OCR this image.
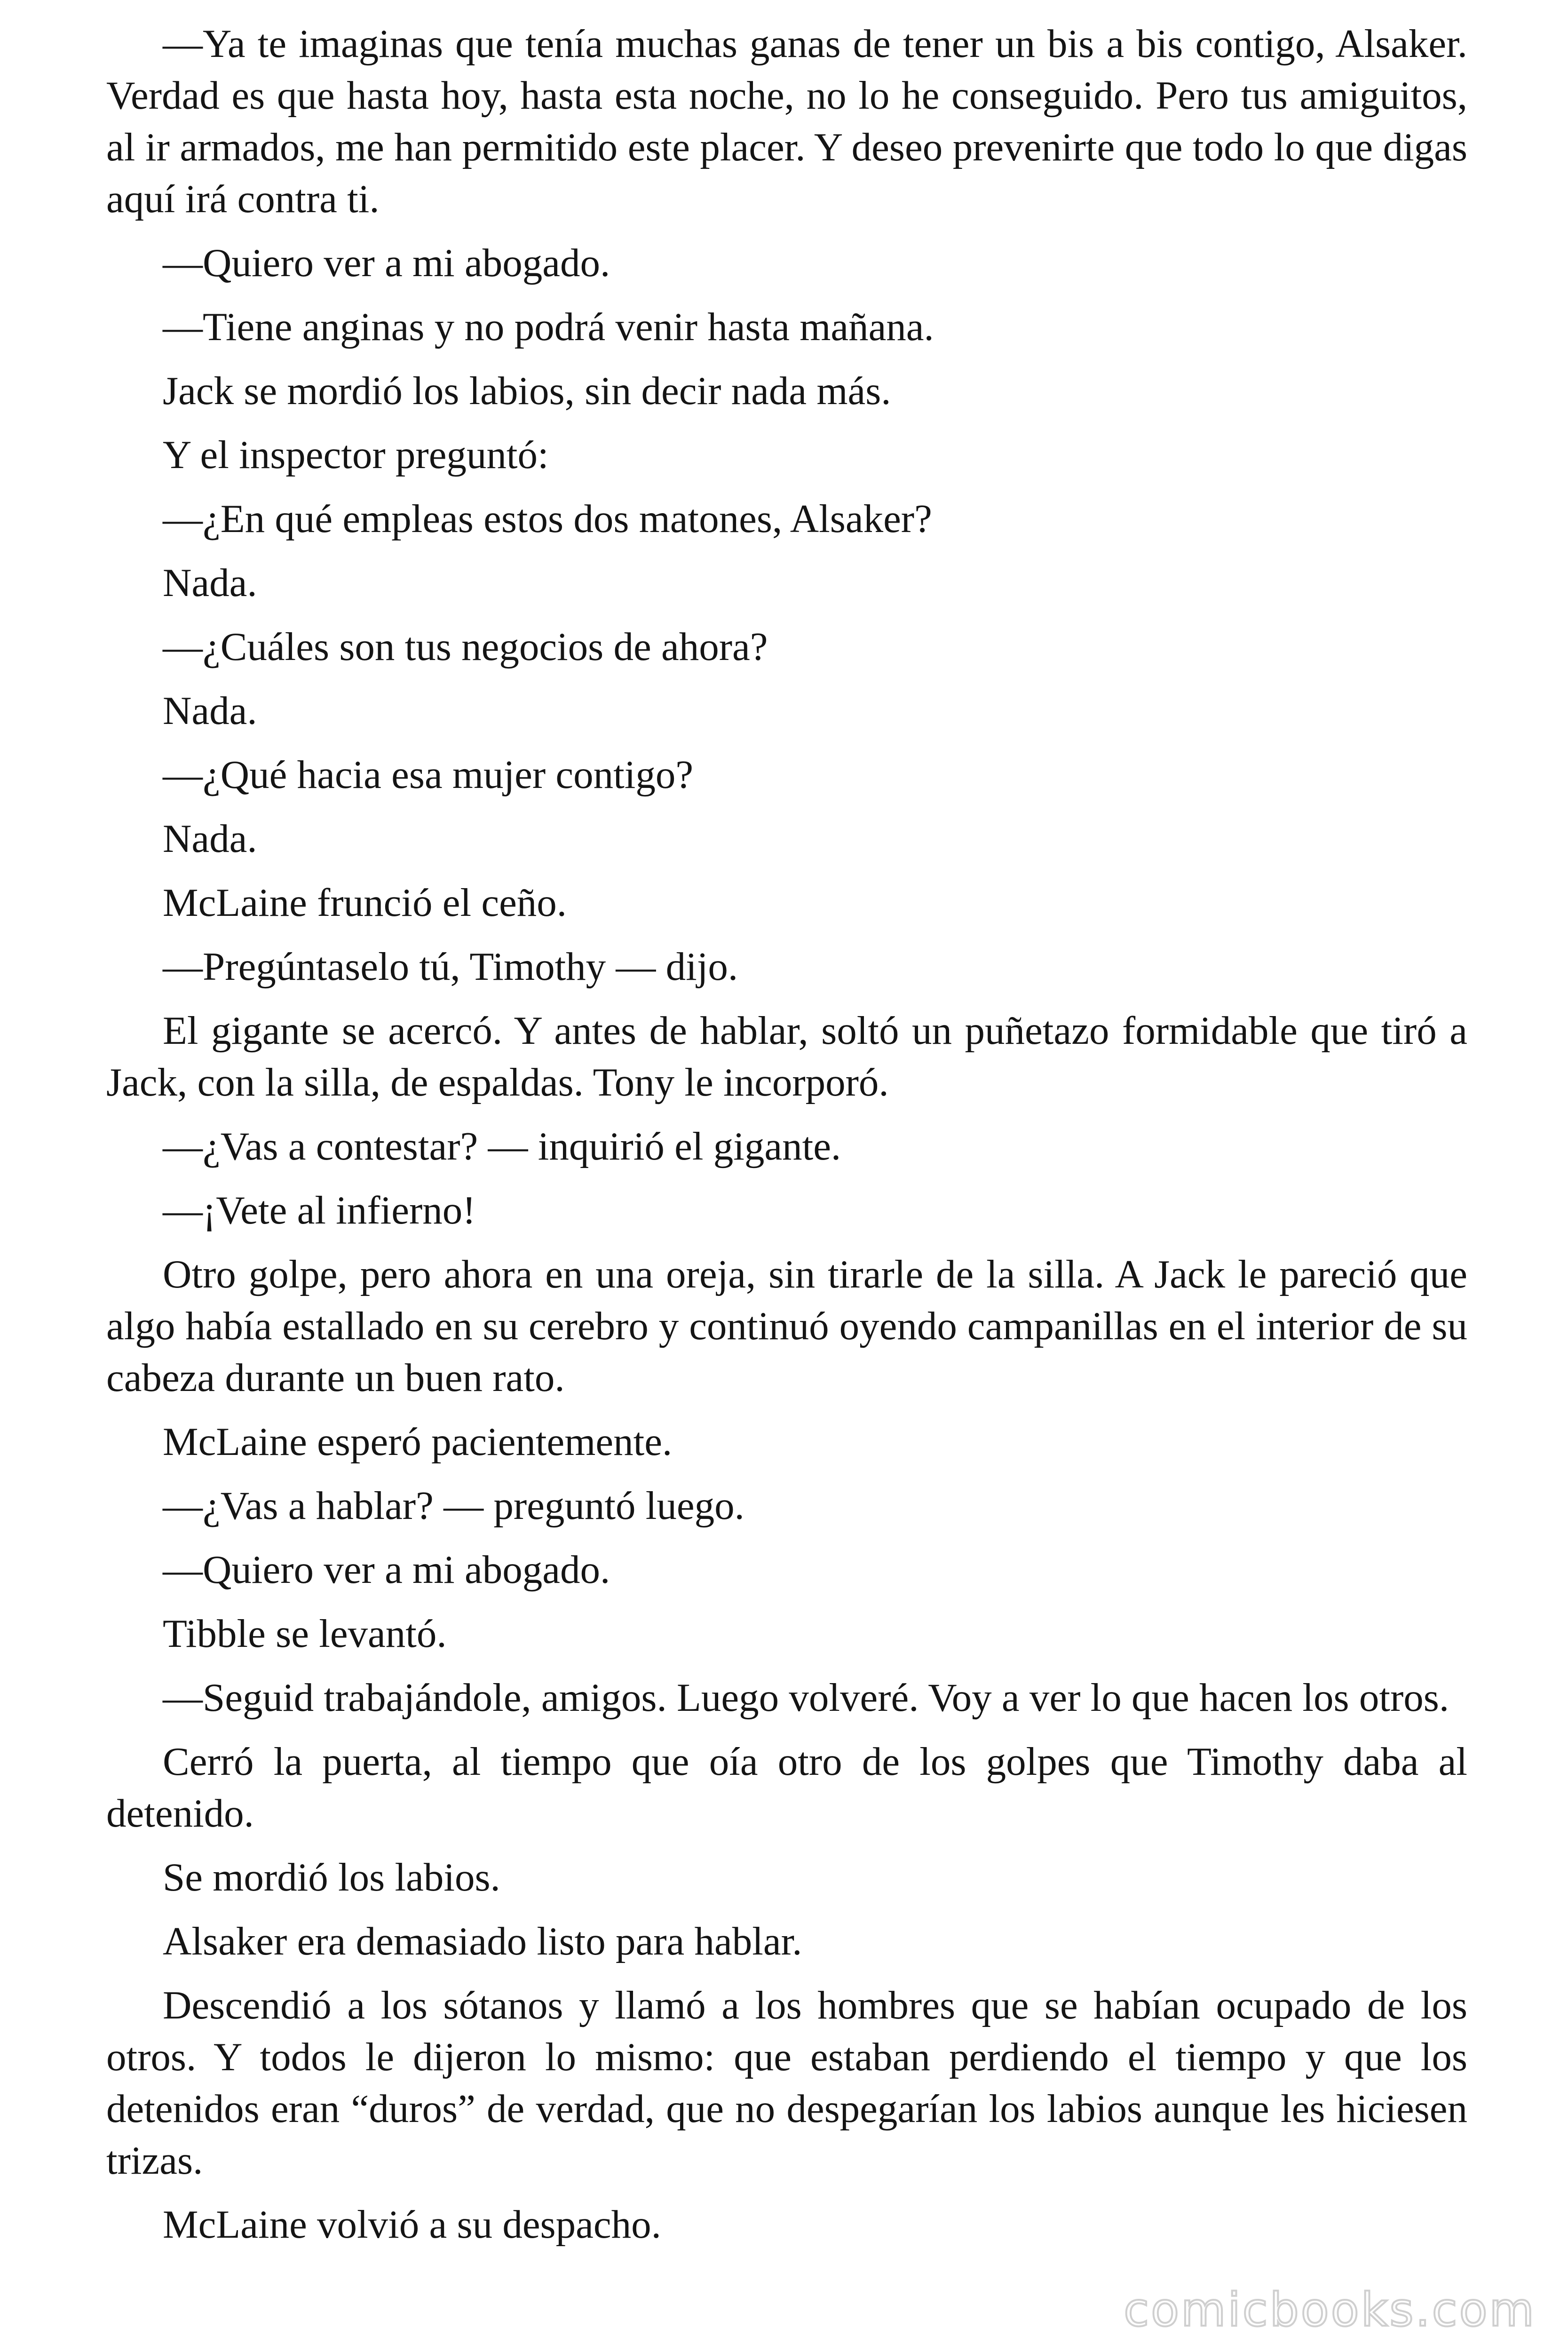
—Ya te imaginas que tenía muchas ganas de tener un bis a bis contigo, Alsaker. Verdad es que hasta hoy, hasta esta noche, no lo he conseguido. Pero tus amiguitos, al ir armados, me han permitido este placer. Y deseo prevenirte que todo lo que digas aquí irá contra ti.

—Quiero ver a mi abogado.

—Tiene anginas y no podrá venir hasta mañana.

Jack se mordió los labios, sin decir nada más.

Y el inspector preguntó:

—¿En qué empleas estos dos matones, Alsaker?

Nada.

—¿Cuáles son tus negocios de ahora?

Nada.

—¿Qué hacia esa mujer contigo?

Nada.

McLaine frunció el ceño.

—Pregúntaselo tú, Timothy — dijo.

El gigante se acercó. Y antes de hablar, soltó un puñetazo formidable que tiró a Jack, con la silla, de espaldas. Tony le incorporó.

—¿Vas a contestar? — inquirió el gigante.

—¡Vete al infierno!

Otro golpe, pero ahora en una oreja, sin tirarle de la silla. A Jack le pareció que algo había estallado en su cerebro y continuó oyendo campanillas en el interior de su cabeza durante un buen rato.

McLaine esperó pacientemente.

—¿Vas a hablar? — preguntó luego.

—Quiero ver a mi abogado.

Tibble se levantó.

—Seguid trabajándole, amigos. Luego volveré. Voy a ver lo que hacen los otros.

Cerró la puerta, al tiempo que oía otro de los golpes que Timothy daba al detenido.

Se mordió los labios.

Alsaker era demasiado listo para hablar.

Descendió a los sótanos y llamó a los hombres que se habían ocupado de los otros. Y todos le dijeron lo mismo: que estaban perdiendo el tiempo y que los detenidos eran “duros” de verdad, que no despegarían los labios aunque les hiciesen trizas.

McLaine volvió a su despacho.

comicbooks.com
